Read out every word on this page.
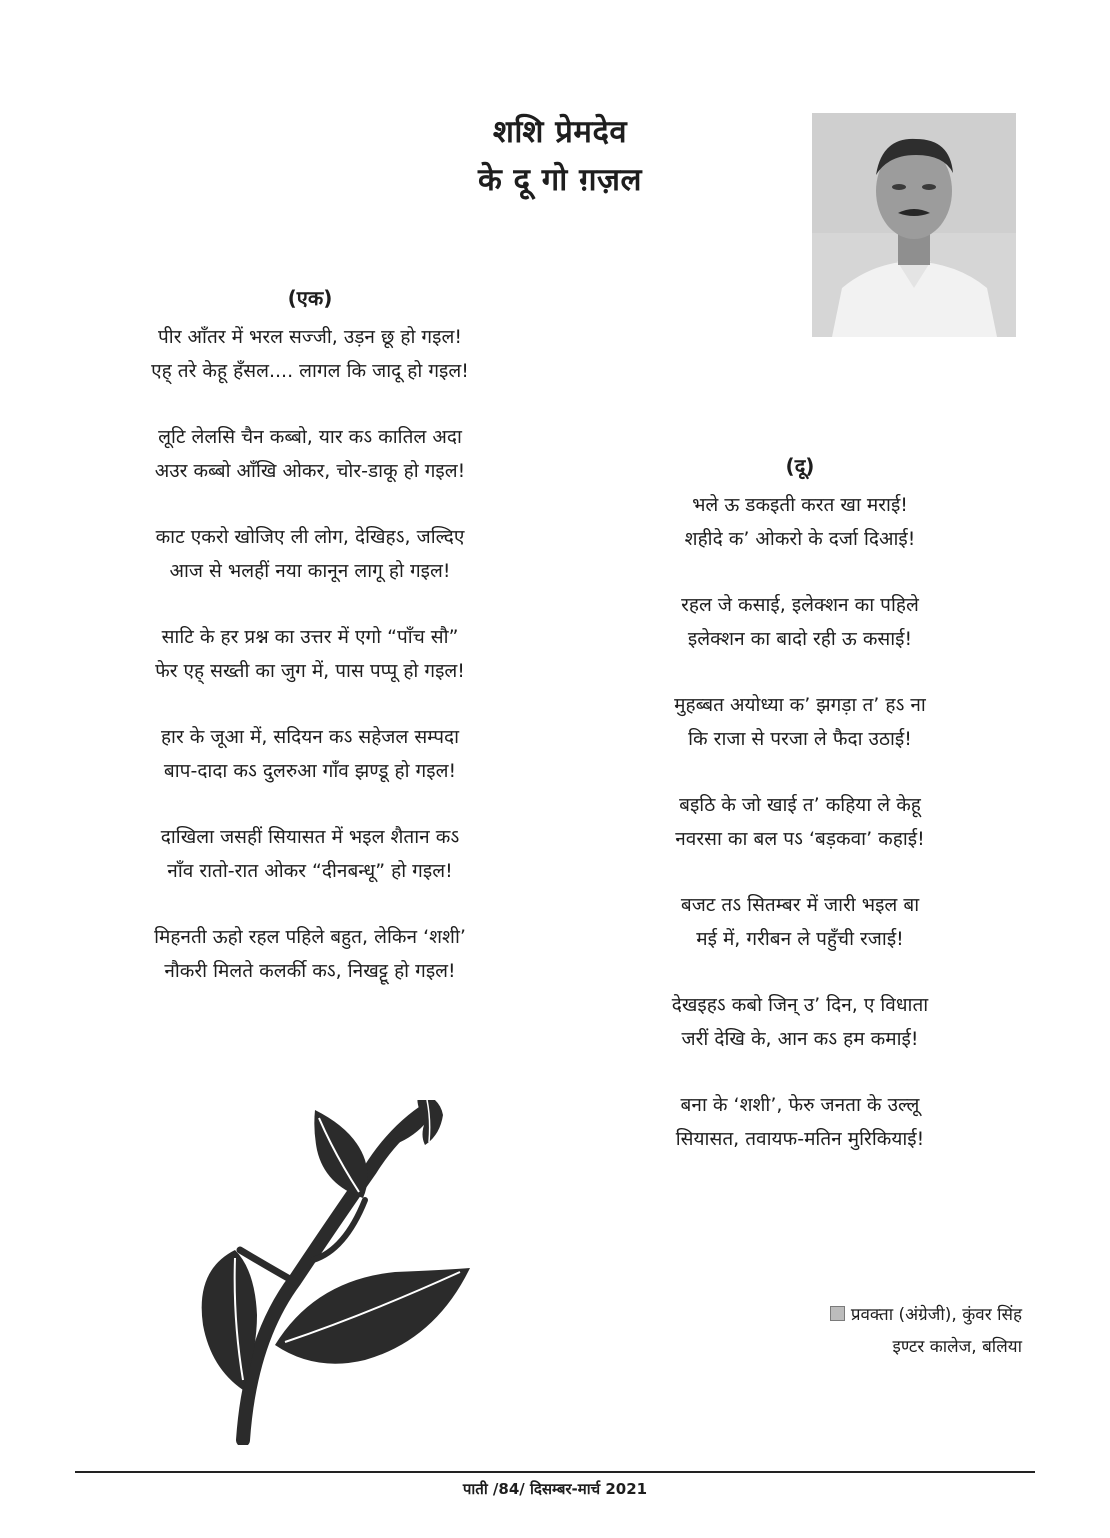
शशि प्रेमदेव
के दू गो ग़ज़ल
(एक)
पीर आँतर में भरल सज्जी, उड़न छू हो गइल!
एह् तरे केहू हँसल.... लागल कि जादू हो गइल!
लूटि लेलसि चैन कब्बो, यार कऽ कातिल अदा
अउर कब्बो आँखि ओकर, चोर-डाकू हो गइल!
काट एकरो खोजिए ली लोग, देखिहऽ, जल्दिए
आज से भलहीं नया कानून लागू हो गइल!
साटि के हर प्रश्न का उत्तर में एगो “पाँच सौ”
फेर एह् सख्ती का जुग में, पास पप्पू हो गइल!
हार के जूआ में, सदियन कऽ सहेजल सम्पदा
बाप-दादा कऽ दुलरुआ गाँव झण्डू हो गइल!
दाखिला जसहीं सियासत में भइल शैतान कऽ
नाँव रातो-रात ओकर “दीनबन्धू” हो गइल!
मिहनती ऊहो रहल पहिले बहुत, लेकिन ‘शशी’
नौकरी मिलते कलर्की कऽ, निखट्टू हो गइल!
(दू)
भले ऊ डकइती करत खा मराई!
शहीदे क’ ओकरो के दर्जा दिआई!
रहल जे कसाई, इलेक्शन का पहिले
इलेक्शन का बादो रही ऊ कसाई!
मुहब्बत अयोध्या क’ झगड़ा त’ हऽ ना
कि राजा से परजा ले फैदा उठाई!
बइठि के जो खाई त’ कहिया ले केहू
नवरसा का बल पऽ ‘बड़कवा’ कहाई!
बजट तऽ सितम्बर में जारी भइल बा
मई में, गरीबन ले पहुँची रजाई!
देखइहऽ कबो जिन् उ’ दिन, ए विधाता
जरीं देखि के, आन कऽ हम कमाई!
बना के ‘शशी’, फेरु जनता के उल्लू
सियासत, तवायफ-मतिन मुरिकियाई!
प्रवक्ता (अंग्रेजी), कुंवर सिंह
इण्टर कालेज, बलिया
पाती /84/ दिसम्बर-मार्च 2021
